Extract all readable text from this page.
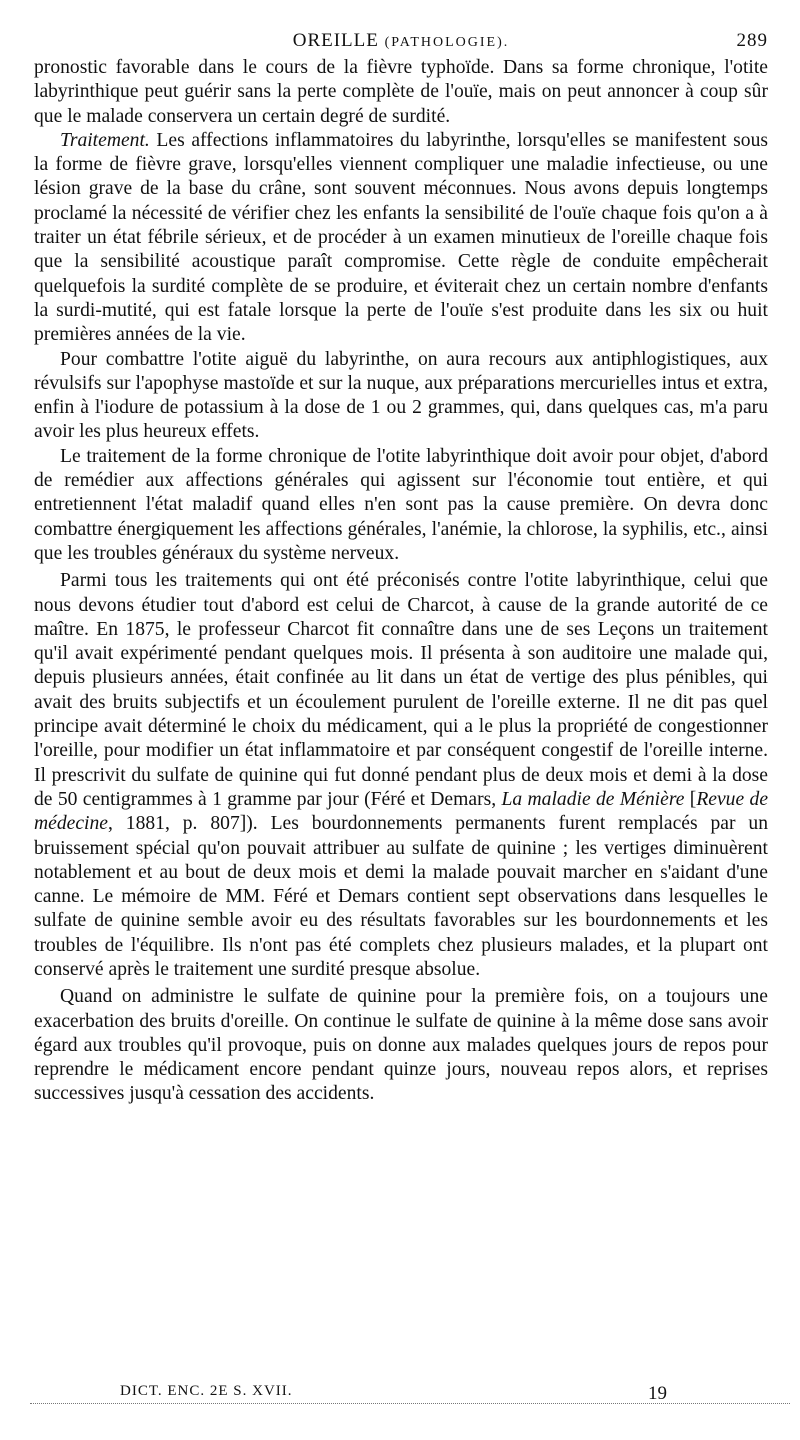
OREILLE (PATHOLOGIE).	289

pronostic favorable dans le cours de la fièvre typhoïde. Dans sa forme chronique, l'otite labyrinthique peut guérir sans la perte complète de l'ouïe, mais on peut annoncer à coup sûr que le malade conservera un certain degré de surdité.

Traitement. Les affections inflammatoires du labyrinthe, lorsqu'elles se manifestent sous la forme de fièvre grave, lorsqu'elles viennent compliquer une maladie infectieuse, ou une lésion grave de la base du crâne, sont souvent méconnues. Nous avons depuis longtemps proclamé la nécessité de vérifier chez les enfants la sensibilité de l'ouïe chaque fois qu'on a à traiter un état fébrile sérieux, et de procéder à un examen minutieux de l'oreille chaque fois que la sensibilité acoustique paraît compromise. Cette règle de conduite empêcherait quelquefois la surdité complète de se produire, et éviterait chez un certain nombre d'enfants la surdi-mutité, qui est fatale lorsque la perte de l'ouïe s'est produite dans les six ou huit premières années de la vie.

Pour combattre l'otite aiguë du labyrinthe, on aura recours aux antiphlogistiques, aux révulsifs sur l'apophyse mastoïde et sur la nuque, aux préparations mercurielles intus et extra, enfin à l'iodure de potassium à la dose de 1 ou 2 grammes, qui, dans quelques cas, m'a paru avoir les plus heureux effets.

Le traitement de la forme chronique de l'otite labyrinthique doit avoir pour objet, d'abord de remédier aux affections générales qui agissent sur l'économie tout entière, et qui entretiennent l'état maladif quand elles n'en sont pas la cause première. On devra donc combattre énergiquement les affections générales, l'anémie, la chlorose, la syphilis, etc., ainsi que les troubles généraux du système nerveux.

Parmi tous les traitements qui ont été préconisés contre l'otite labyrinthique, celui que nous devons étudier tout d'abord est celui de Charcot, à cause de la grande autorité de ce maître. En 1875, le professeur Charcot fit connaître dans une de ses Leçons un traitement qu'il avait expérimenté pendant quelques mois. Il présenta à son auditoire une malade qui, depuis plusieurs années, était confinée au lit dans un état de vertige des plus pénibles, qui avait des bruits subjectifs et un écoulement purulent de l'oreille externe. Il ne dit pas quel principe avait déterminé le choix du médicament, qui a le plus la propriété de congestionner l'oreille, pour modifier un état inflammatoire et par conséquent congestif de l'oreille interne. Il prescrivit du sulfate de quinine qui fut donné pendant plus de deux mois et demi à la dose de 50 centigrammes à 1 gramme par jour (Féré et Demars, La maladie de Ménière [Revue de médecine, 1881, p. 807]). Les bourdonnements permanents furent remplacés par un bruissement spécial qu'on pouvait attribuer au sulfate de quinine ; les vertiges diminuèrent notablement et au bout de deux mois et demi la malade pouvait marcher en s'aidant d'une canne. Le mémoire de MM. Féré et Demars contient sept observations dans lesquelles le sulfate de quinine semble avoir eu des résultats favorables sur les bourdonnements et les troubles de l'équilibre. Ils n'ont pas été complets chez plusieurs malades, et la plupart ont conservé après le traitement une surdité presque absolue.

Quand on administre le sulfate de quinine pour la première fois, on a toujours une exacerbation des bruits d'oreille. On continue le sulfate de quinine à la même dose sans avoir égard aux troubles qu'il provoque, puis on donne aux malades quelques jours de repos pour reprendre le médicament encore pendant quinze jours, nouveau repos alors, et reprises successives jusqu'à cessation des accidents.

DICT. ENC. 2E S. XVII.	19
